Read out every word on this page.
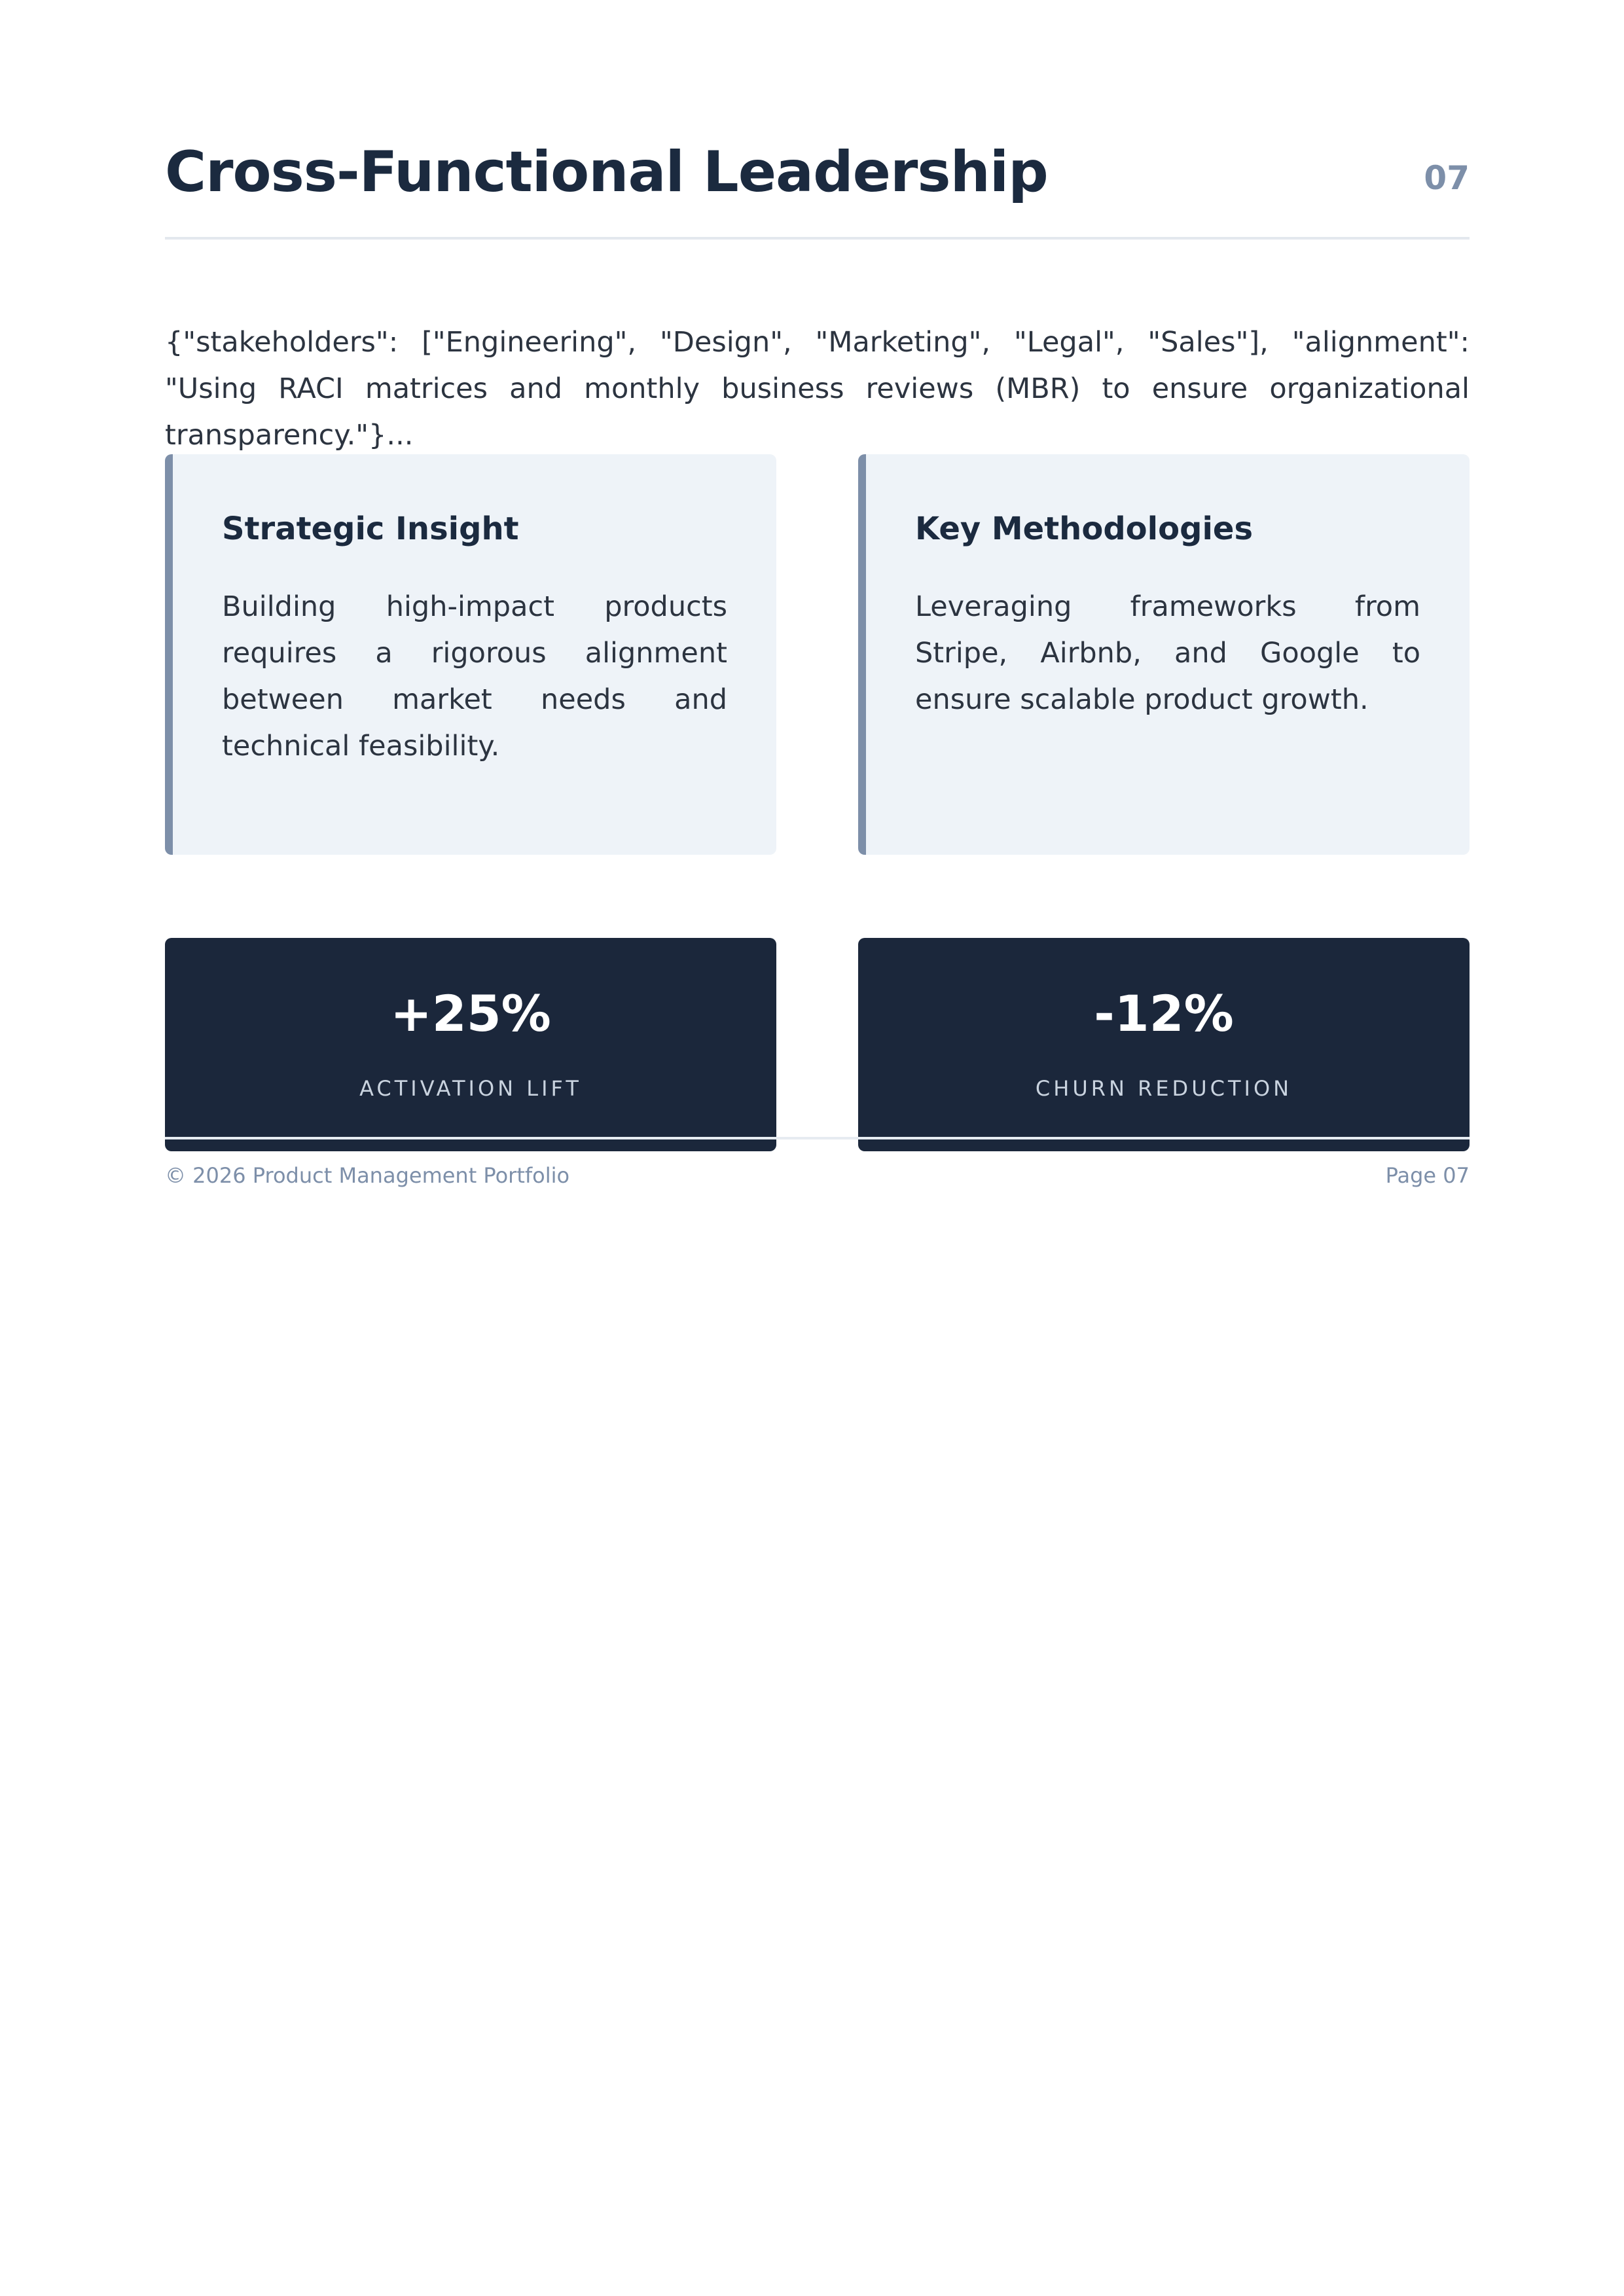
Cross-Functional Leadership	07

{"stakeholders": ["Engineering", "Design", "Marketing", "Legal", "Sales"], "alignment": "Using RACI matrices and monthly business reviews (MBR) to ensure organizational transparency."}...

Strategic Insight

Building high-impact products requires a rigorous alignment between market needs and technical feasibility.

Key Methodologies

Leveraging frameworks from Stripe, Airbnb, and Google to ensure scalable product growth.

+25%
ACTIVATION LIFT
-12%
CHURN REDUCTION
© 2026 Product Management Portfolio	Page 07
